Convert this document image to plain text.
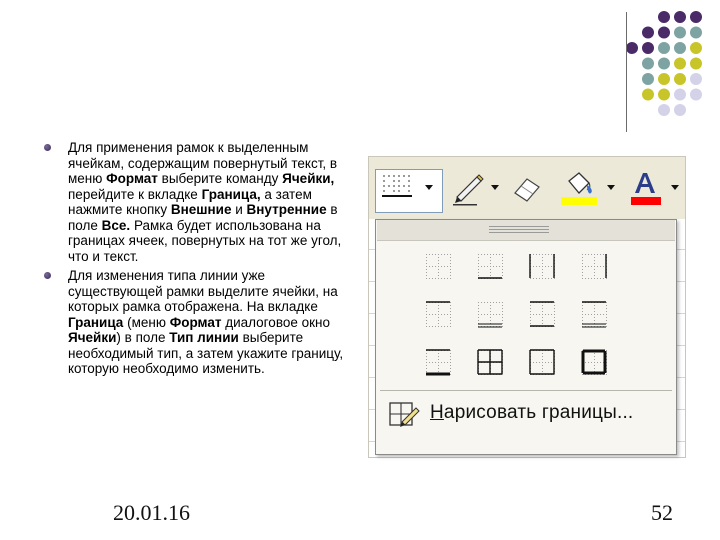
Для применения рамок к выделенным ячейкам, содержащим повернутый текст, в меню Формат выберите команду Ячейки, перейдите к вкладке Граница, а затем нажмите кнопку Внешние и Внутренние в поле Все. Рамка будет использована на границах ячеек, повернутых на тот же угол, что и текст.
Для изменения типа линии уже существующей рамки выделите ячейки, на которых рамка отображена. На вкладке Граница (меню Формат диалоговое окно Ячейки) в поле Тип линии выберите необходимый тип, а затем укажите границу, которую необходимо изменить.
Нарисовать границы...
20.01.16	52
